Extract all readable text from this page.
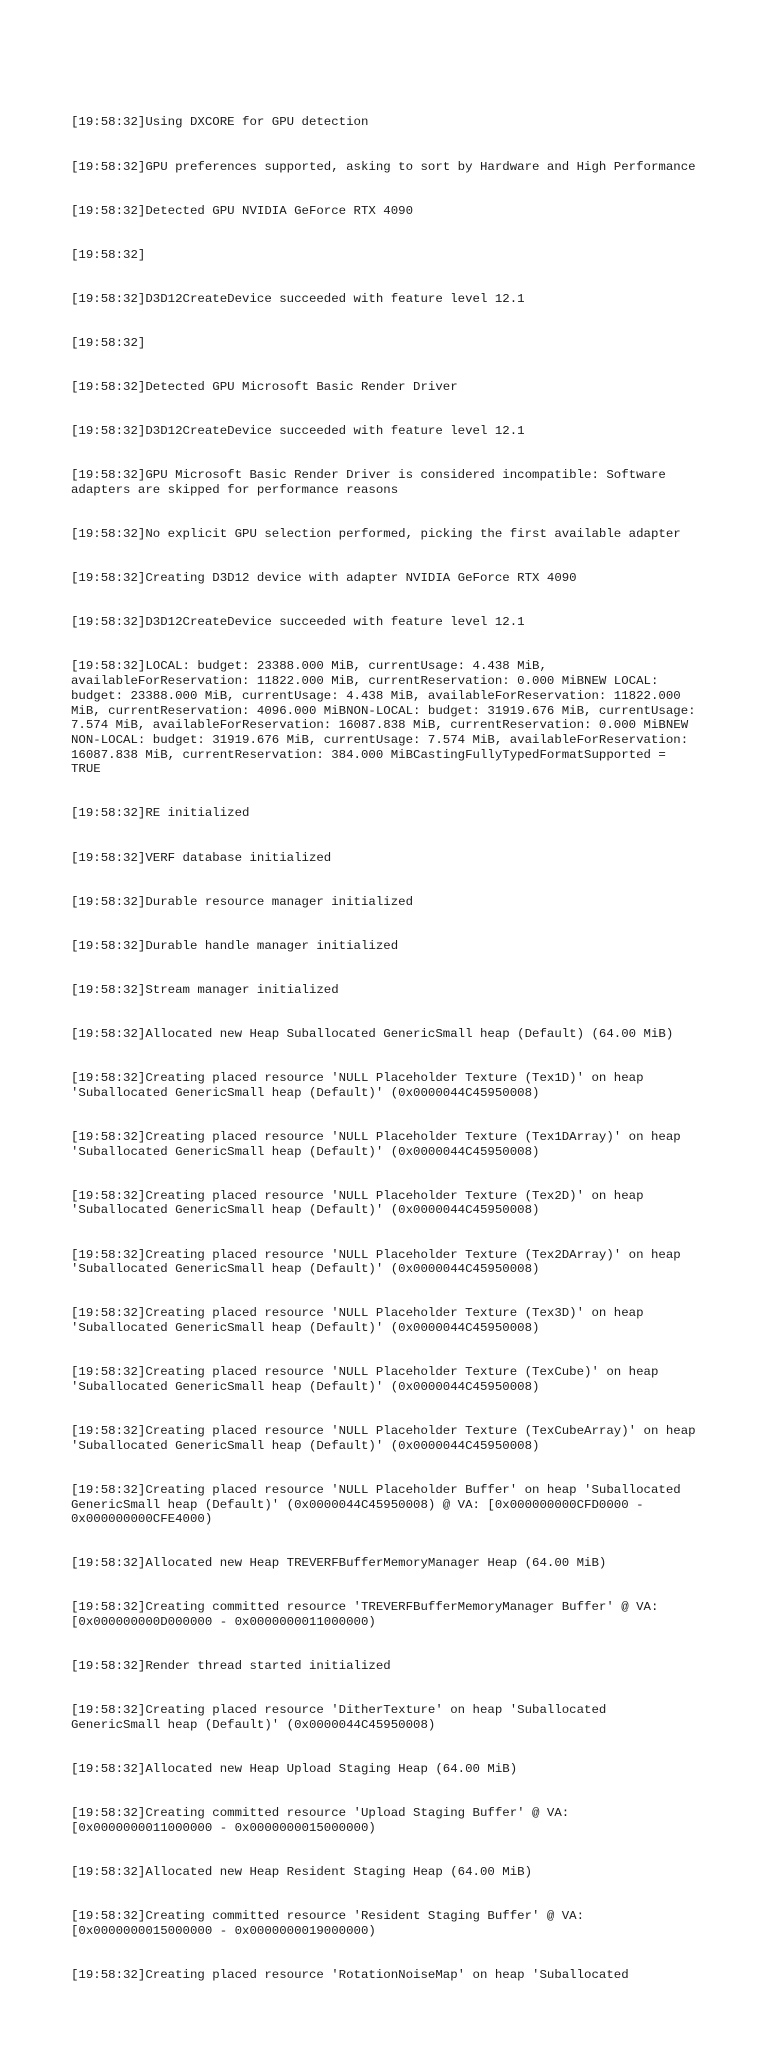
[19:58:32]Using DXCORE for GPU detection

[19:58:32]GPU preferences supported, asking to sort by Hardware and High Performance

[19:58:32]Detected GPU NVIDIA GeForce RTX 4090

[19:58:32]

[19:58:32]D3D12CreateDevice succeeded with feature level 12.1

[19:58:32]

[19:58:32]Detected GPU Microsoft Basic Render Driver

[19:58:32]D3D12CreateDevice succeeded with feature level 12.1

[19:58:32]GPU Microsoft Basic Render Driver is considered incompatible: Software adapters are skipped for performance reasons

[19:58:32]No explicit GPU selection performed, picking the first available adapter

[19:58:32]Creating D3D12 device with adapter NVIDIA GeForce RTX 4090

[19:58:32]D3D12CreateDevice succeeded with feature level 12.1

[19:58:32]LOCAL: budget: 23388.000 MiB, currentUsage: 4.438 MiB, availableForReservation: 11822.000 MiB, currentReservation: 0.000 MiBNEW LOCAL: budget: 23388.000 MiB, currentUsage: 4.438 MiB, availableForReservation: 11822.000 MiB, currentReservation: 4096.000 MiBNON-LOCAL: budget: 31919.676 MiB, currentUsage: 7.574 MiB, availableForReservation: 16087.838 MiB, currentReservation: 0.000 MiBNEW NON-LOCAL: budget: 31919.676 MiB, currentUsage: 7.574 MiB, availableForReservation: 16087.838 MiB, currentReservation: 384.000 MiBCastingFullyTypedFormatSupported = TRUE

[19:58:32]RE initialized

[19:58:32]VERF database initialized

[19:58:32]Durable resource manager initialized

[19:58:32]Durable handle manager initialized

[19:58:32]Stream manager initialized

[19:58:32]Allocated new Heap Suballocated GenericSmall heap (Default) (64.00 MiB)

[19:58:32]Creating placed resource 'NULL Placeholder Texture (Tex1D)' on heap 'Suballocated GenericSmall heap (Default)' (0x0000044C45950008)

[19:58:32]Creating placed resource 'NULL Placeholder Texture (Tex1DArray)' on heap 'Suballocated GenericSmall heap (Default)' (0x0000044C45950008)

[19:58:32]Creating placed resource 'NULL Placeholder Texture (Tex2D)' on heap 'Suballocated GenericSmall heap (Default)' (0x0000044C45950008)

[19:58:32]Creating placed resource 'NULL Placeholder Texture (Tex2DArray)' on heap 'Suballocated GenericSmall heap (Default)' (0x0000044C45950008)

[19:58:32]Creating placed resource 'NULL Placeholder Texture (Tex3D)' on heap 'Suballocated GenericSmall heap (Default)' (0x0000044C45950008)

[19:58:32]Creating placed resource 'NULL Placeholder Texture (TexCube)' on heap 'Suballocated GenericSmall heap (Default)' (0x0000044C45950008)

[19:58:32]Creating placed resource 'NULL Placeholder Texture (TexCubeArray)' on heap 'Suballocated GenericSmall heap (Default)' (0x0000044C45950008)

[19:58:32]Creating placed resource 'NULL Placeholder Buffer' on heap 'Suballocated GenericSmall heap (Default)' (0x0000044C45950008) @ VA: [0x000000000CFD0000 - 0x000000000CFE4000)

[19:58:32]Allocated new Heap TREVERFBufferMemoryManager Heap (64.00 MiB)

[19:58:32]Creating committed resource 'TREVERFBufferMemoryManager Buffer' @ VA: [0x000000000D000000 - 0x0000000011000000)

[19:58:32]Render thread started initialized

[19:58:32]Creating placed resource 'DitherTexture' on heap 'Suballocated GenericSmall heap (Default)' (0x0000044C45950008)

[19:58:32]Allocated new Heap Upload Staging Heap (64.00 MiB)

[19:58:32]Creating committed resource 'Upload Staging Buffer' @ VA: [0x0000000011000000 - 0x0000000015000000)

[19:58:32]Allocated new Heap Resident Staging Heap (64.00 MiB)

[19:58:32]Creating committed resource 'Resident Staging Buffer' @ VA: [0x0000000015000000 - 0x0000000019000000)

[19:58:32]Creating placed resource 'RotationNoiseMap' on heap 'Suballocated
